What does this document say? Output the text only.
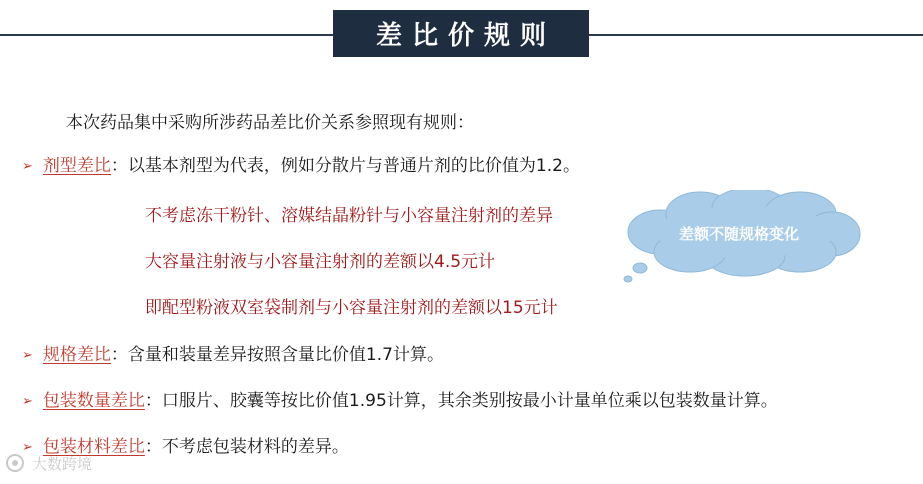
差比价规则
本次药品集中采购所涉药品差比价关系参照现有规则：
➢ 剂型差比 ：以基本剂型为代表，例如分散片与普通片剂的比价值为1.2。
不考虑冻干粉针、溶媒结晶粉针与小容量注射剂的差异
大容量注射液与小容量注射剂的差额以4.5元计
即配型粉液双室袋制剂与小容量注射剂的差额以15元计
➢ 规格差比 ：含量和装量差异按照含量比价值1.7计算。
➢ 包装数量差比 ：口服片、胶囊等按比价值1.95计算，其余类别按最小计量单位乘以包装数量计算。
➢ 包装材料差比 ：不考虑包装材料的差异。
差额不随规格变化
大数跨境
